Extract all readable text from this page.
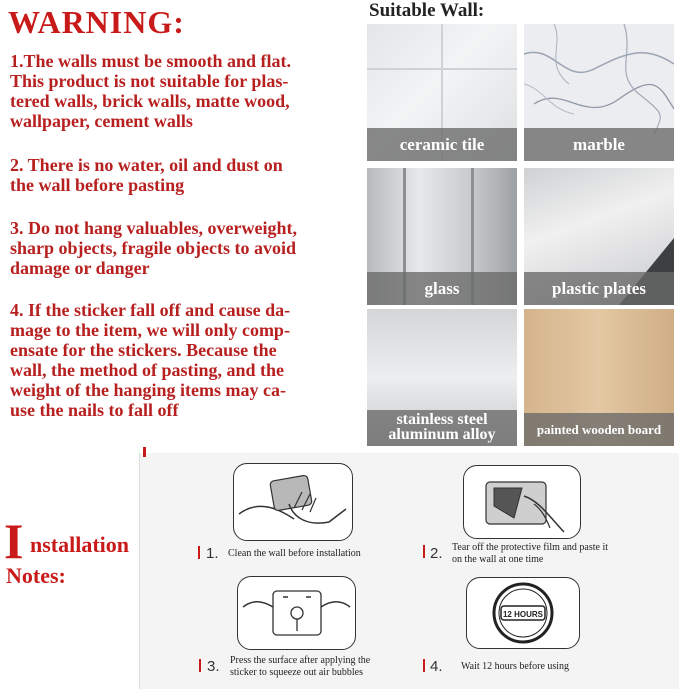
WARNING:
1.The walls must be smooth and flat.
This product is not suitable for plas-
tered walls, brick walls, matte wood,
wallpaper, cement walls
2. There is no water, oil and dust on
the wall before pasting
3. Do not hang valuables, overweight,
sharp objects, fragile objects to avoid
damage or danger
4. If the sticker fall off and cause da-
mage to the item, we will only comp-
ensate for the stickers. Because the
wall, the method of pasting, and the
weight of the hanging items may ca-
use the nails to fall off
Suitable Wall:
ceramic tile	marble
glass	plastic plates
stainless steel
aluminum alloy	painted wooden board
I nstallation
Notes:
12 HOURS
1. Clean the wall before installation	2. Tear off the protective film and paste it
on the wall at one time
3. Press the surface after applying the
sticker to squeeze out air bubbles	4. Wait 12 hours before using
